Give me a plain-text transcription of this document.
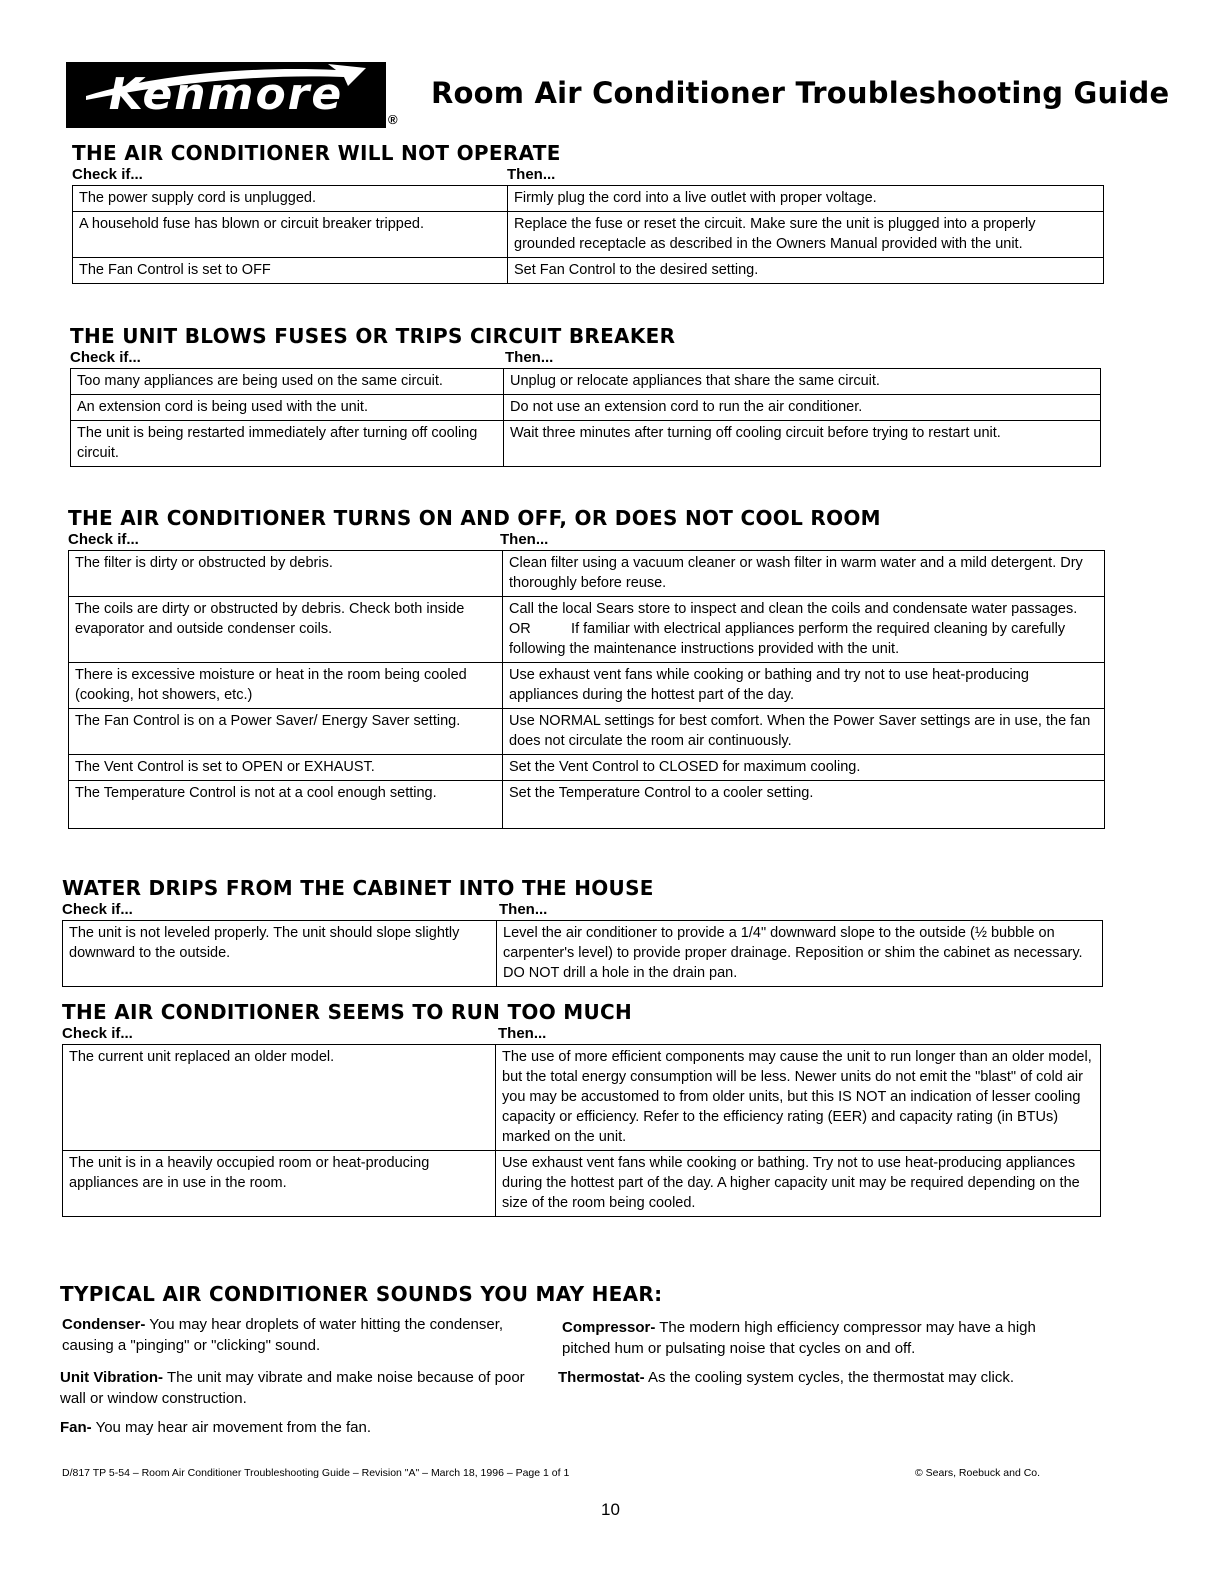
Kenmore	®
Room Air Conditioner Troubleshooting Guide
THE AIR CONDITIONER WILL NOT OPERATE
Check if...	Then...
The power supply cord is unplugged.	Firmly plug the cord into a live outlet with proper voltage.
A household fuse has blown or circuit breaker tripped.	Replace the fuse or reset the circuit. Make sure the unit is plugged into a properly grounded receptacle as described in the Owners Manual provided with the unit.
The Fan Control is set to OFF	Set Fan Control to the desired setting.
THE UNIT BLOWS FUSES OR TRIPS CIRCUIT BREAKER
Check if...	Then...
Too many appliances are being used on the same circuit.	Unplug or relocate appliances that share the same circuit.
An extension cord is being used with the unit.	Do not use an extension cord to run the air conditioner.
The unit is being restarted immediately after turning off cooling circuit.	Wait three minutes after turning off cooling circuit before trying to restart unit.
THE AIR CONDITIONER TURNS ON AND OFF, OR DOES NOT COOL ROOM
Check if...	Then...
The filter is dirty or obstructed by debris.	Clean filter using a vacuum cleaner or wash filter in warm water and a mild detergent. Dry thoroughly before reuse.
The coils are dirty or obstructed by debris. Check both inside evaporator and outside condenser coils.	Call the local Sears store to inspect and clean the coils and condensate water passages.          OR          If familiar with electrical appliances perform the required cleaning by carefully following the maintenance instructions provided with the unit.
There is excessive moisture or heat in the room being cooled (cooking, hot showers, etc.)	Use exhaust vent fans while cooking or bathing and try not to use heat-producing appliances during the hottest part of the day.
The Fan Control is on a Power Saver/ Energy Saver setting.	Use NORMAL settings for best comfort. When the Power Saver settings are in use, the fan does not circulate the room air continuously.
The Vent Control is set to OPEN or EXHAUST.	Set the Vent Control to CLOSED for maximum cooling.
The Temperature Control is not at a cool enough setting.	Set the Temperature Control to a cooler setting.
WATER DRIPS FROM THE CABINET INTO THE HOUSE
Check if...	Then...
The unit is not leveled properly. The unit should slope slightly downward to the outside.	Level the air conditioner to provide a 1/4" downward slope to the outside (½ bubble on carpenter's level) to provide proper drainage. Reposition or shim the cabinet as necessary. DO NOT drill a hole in the drain pan.
THE AIR CONDITIONER SEEMS TO RUN TOO MUCH
Check if...	Then...
The current unit replaced an older model.	The use of more efficient components may cause the unit to run longer than an older model, but the total energy consumption will be less. Newer units do not emit the "blast" of cold air you may be accustomed to from older units, but this IS NOT an indication of lesser cooling capacity or efficiency. Refer to the efficiency rating (EER) and capacity rating (in BTUs) marked on the unit.
The unit is in a heavily occupied room or heat-producing appliances are in use in the room.	Use exhaust vent fans while cooking or bathing. Try not to use heat-producing appliances during the hottest part of the day. A higher capacity unit may be required depending on the size of the room being cooled.
TYPICAL AIR CONDITIONER SOUNDS YOU MAY HEAR:
Condenser- You may hear droplets of water hitting the condenser, causing a "pinging" or "clicking" sound.
Compressor- The modern high efficiency compressor may have a high pitched hum or pulsating noise that cycles on and off.
Unit Vibration- The unit may vibrate and make noise because of poor wall or window construction.
Thermostat- As the cooling system cycles, the thermostat may click.
Fan- You may hear air movement from the fan.
D/817 TP 5-54 – Room Air Conditioner Troubleshooting Guide – Revision "A" – March 18, 1996 – Page 1 of 1	© Sears, Roebuck and Co.
10
